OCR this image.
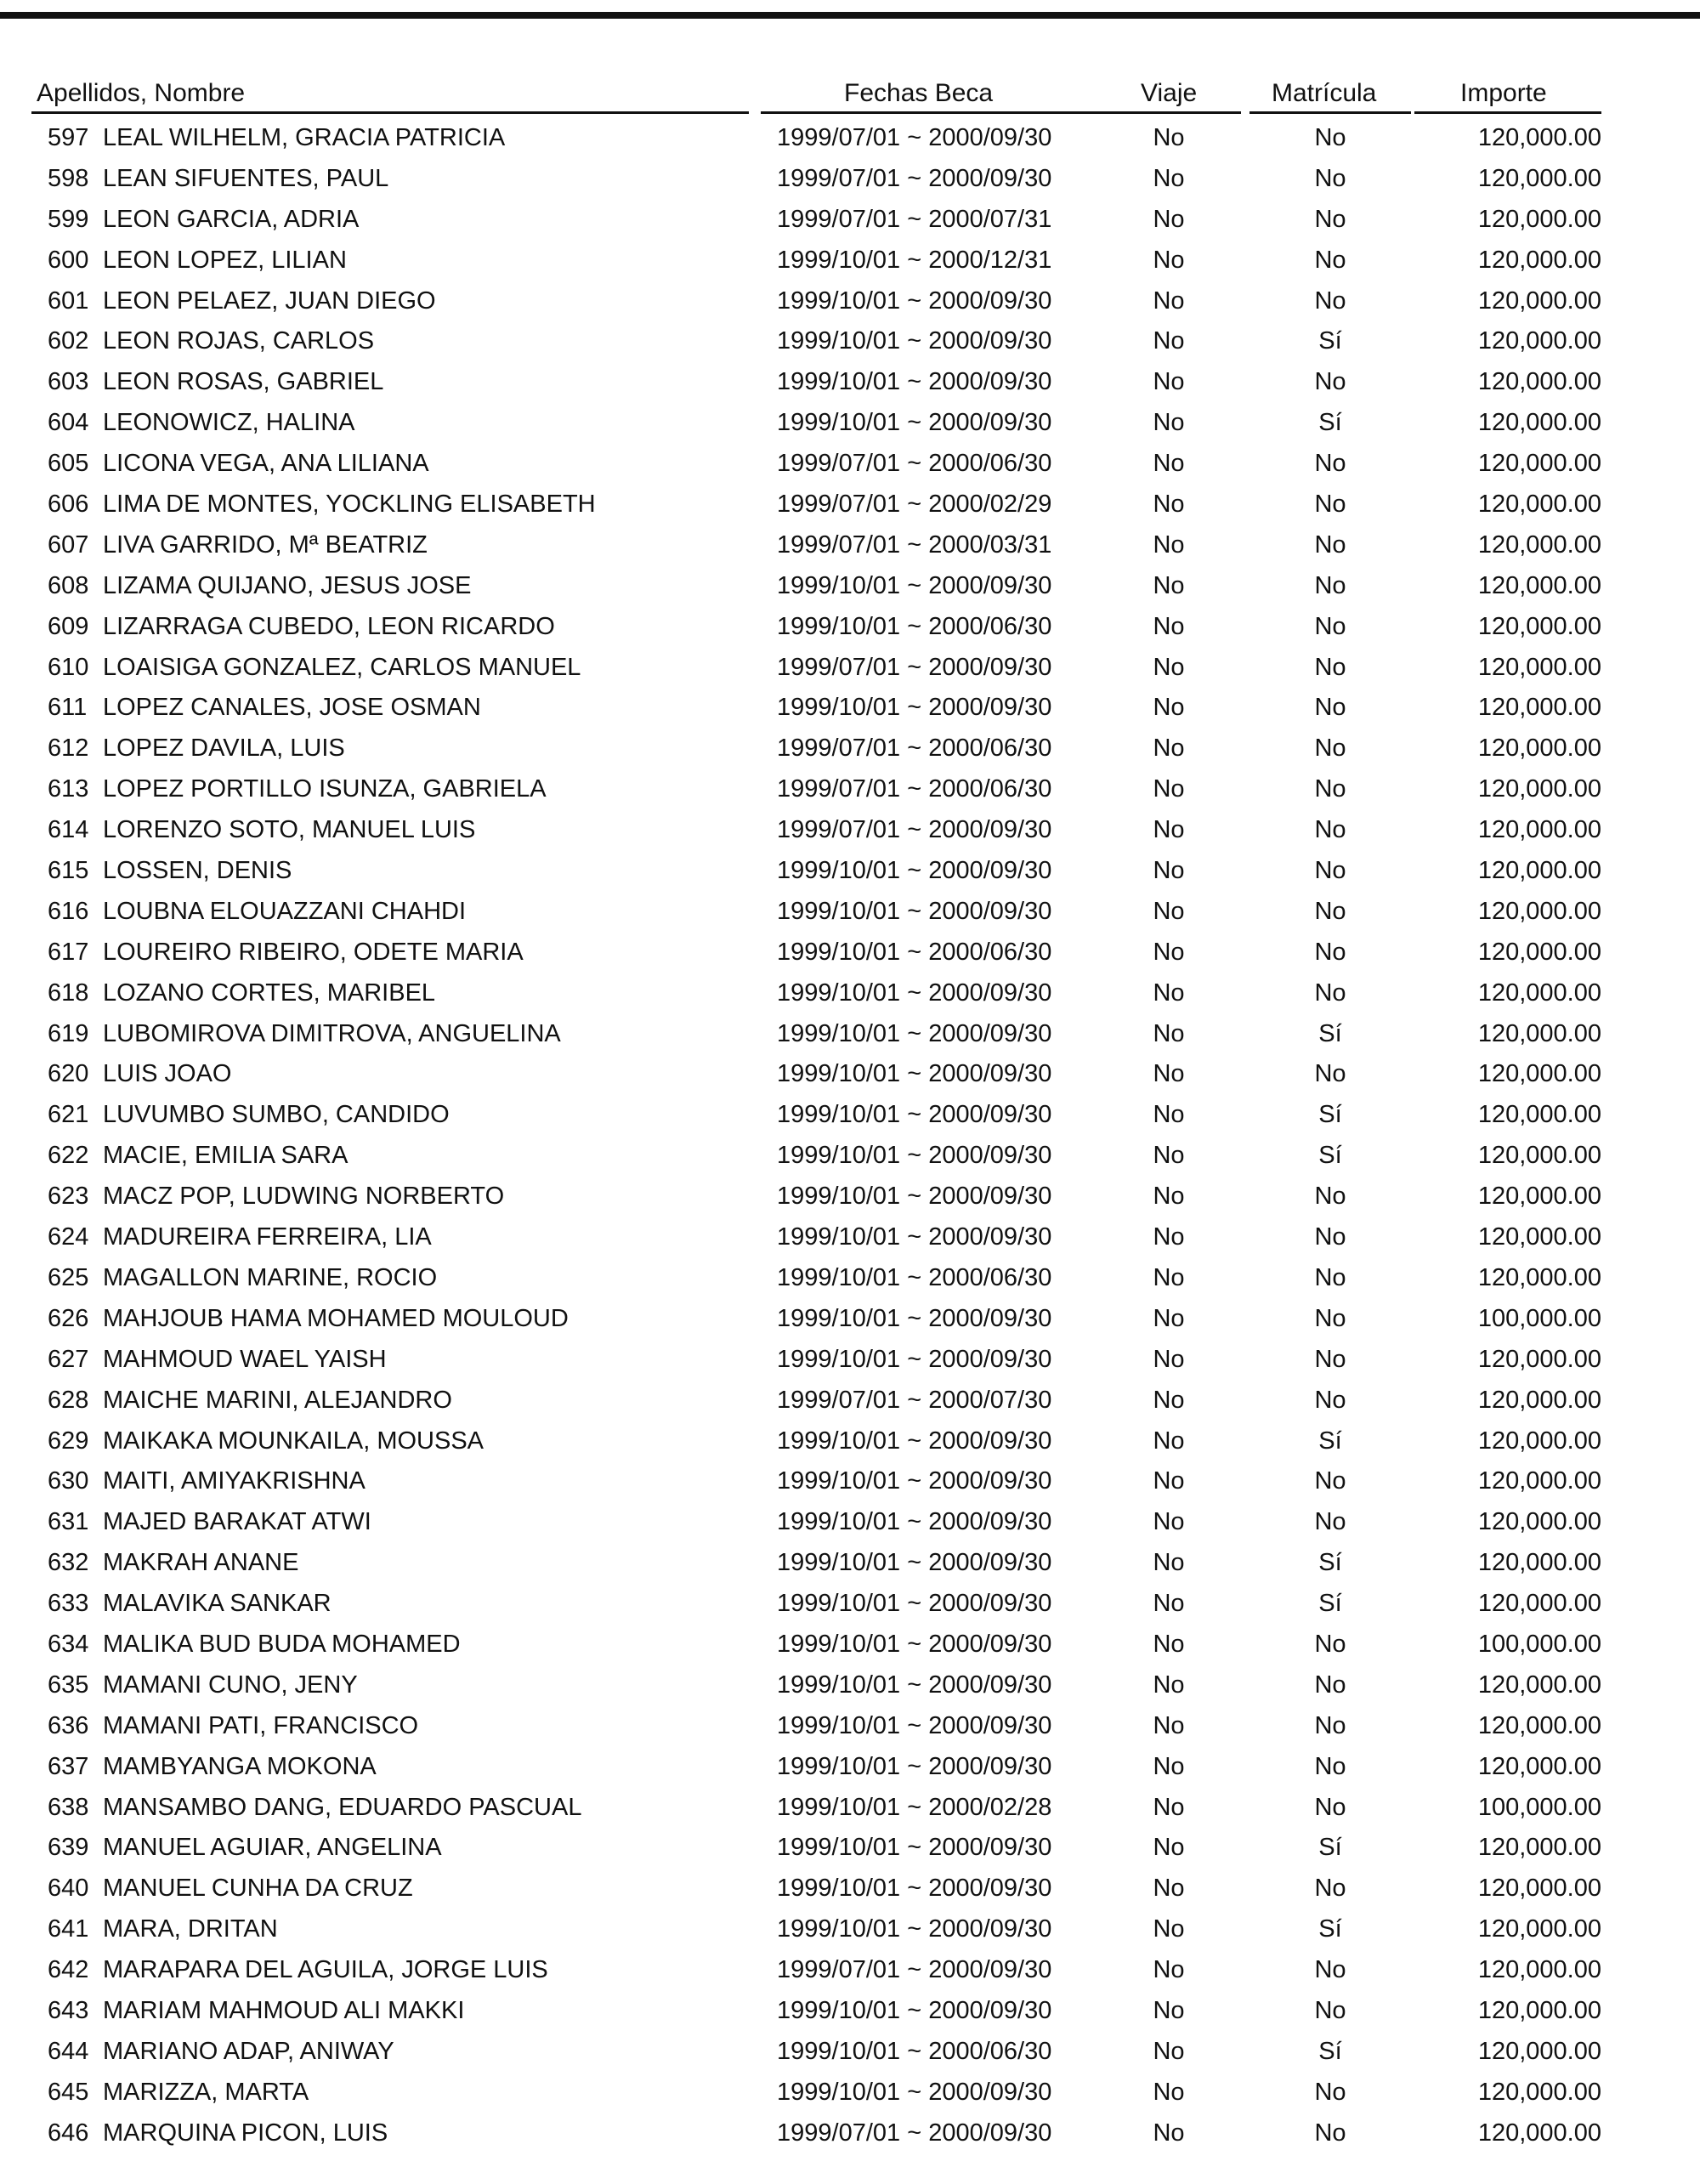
Apellidos, Nombre	Fechas Beca	Viaje	Matrícula	Importe
597 LEAL WILHELM, GRACIA PATRICIA	1999/07/01 ~ 2000/09/30	No	No	120,000.00
598 LEAN SIFUENTES, PAUL	1999/07/01 ~ 2000/09/30	No	No	120,000.00
599 LEON GARCIA, ADRIA	1999/07/01 ~ 2000/07/31	No	No	120,000.00
600 LEON LOPEZ, LILIAN	1999/10/01 ~ 2000/12/31	No	No	120,000.00
601 LEON PELAEZ, JUAN DIEGO	1999/10/01 ~ 2000/09/30	No	No	120,000.00
602 LEON ROJAS, CARLOS	1999/10/01 ~ 2000/09/30	No	Sí	120,000.00
603 LEON ROSAS, GABRIEL	1999/10/01 ~ 2000/09/30	No	No	120,000.00
604 LEONOWICZ, HALINA	1999/10/01 ~ 2000/09/30	No	Sí	120,000.00
605 LICONA VEGA, ANA LILIANA	1999/07/01 ~ 2000/06/30	No	No	120,000.00
606 LIMA DE MONTES, YOCKLING ELISABETH	1999/07/01 ~ 2000/02/29	No	No	120,000.00
607 LIVA GARRIDO, Mª BEATRIZ	1999/07/01 ~ 2000/03/31	No	No	120,000.00
608 LIZAMA QUIJANO, JESUS JOSE	1999/10/01 ~ 2000/09/30	No	No	120,000.00
609 LIZARRAGA CUBEDO, LEON RICARDO	1999/10/01 ~ 2000/06/30	No	No	120,000.00
610 LOAISIGA GONZALEZ, CARLOS MANUEL	1999/07/01 ~ 2000/09/30	No	No	120,000.00
611 LOPEZ CANALES, JOSE OSMAN	1999/10/01 ~ 2000/09/30	No	No	120,000.00
612 LOPEZ DAVILA, LUIS	1999/07/01 ~ 2000/06/30	No	No	120,000.00
613 LOPEZ PORTILLO ISUNZA, GABRIELA	1999/07/01 ~ 2000/06/30	No	No	120,000.00
614 LORENZO SOTO, MANUEL LUIS	1999/07/01 ~ 2000/09/30	No	No	120,000.00
615 LOSSEN, DENIS	1999/10/01 ~ 2000/09/30	No	No	120,000.00
616 LOUBNA ELOUAZZANI CHAHDI	1999/10/01 ~ 2000/09/30	No	No	120,000.00
617 LOUREIRO RIBEIRO, ODETE MARIA	1999/10/01 ~ 2000/06/30	No	No	120,000.00
618 LOZANO CORTES, MARIBEL	1999/10/01 ~ 2000/09/30	No	No	120,000.00
619 LUBOMIROVA DIMITROVA, ANGUELINA	1999/10/01 ~ 2000/09/30	No	Sí	120,000.00
620 LUIS JOAO	1999/10/01 ~ 2000/09/30	No	No	120,000.00
621 LUVUMBO SUMBO, CANDIDO	1999/10/01 ~ 2000/09/30	No	Sí	120,000.00
622 MACIE, EMILIA SARA	1999/10/01 ~ 2000/09/30	No	Sí	120,000.00
623 MACZ POP, LUDWING NORBERTO	1999/10/01 ~ 2000/09/30	No	No	120,000.00
624 MADUREIRA FERREIRA, LIA	1999/10/01 ~ 2000/09/30	No	No	120,000.00
625 MAGALLON MARINE, ROCIO	1999/10/01 ~ 2000/06/30	No	No	120,000.00
626 MAHJOUB HAMA MOHAMED MOULOUD	1999/10/01 ~ 2000/09/30	No	No	100,000.00
627 MAHMOUD WAEL YAISH	1999/10/01 ~ 2000/09/30	No	No	120,000.00
628 MAICHE MARINI, ALEJANDRO	1999/07/01 ~ 2000/07/30	No	No	120,000.00
629 MAIKAKA MOUNKAILA, MOUSSA	1999/10/01 ~ 2000/09/30	No	Sí	120,000.00
630 MAITI, AMIYAKRISHNA	1999/10/01 ~ 2000/09/30	No	No	120,000.00
631 MAJED BARAKAT ATWI	1999/10/01 ~ 2000/09/30	No	No	120,000.00
632 MAKRAH ANANE	1999/10/01 ~ 2000/09/30	No	Sí	120,000.00
633 MALAVIKA SANKAR	1999/10/01 ~ 2000/09/30	No	Sí	120,000.00
634 MALIKA BUD BUDA MOHAMED	1999/10/01 ~ 2000/09/30	No	No	100,000.00
635 MAMANI CUNO, JENY	1999/10/01 ~ 2000/09/30	No	No	120,000.00
636 MAMANI PATI, FRANCISCO	1999/10/01 ~ 2000/09/30	No	No	120,000.00
637 MAMBYANGA MOKONA	1999/10/01 ~ 2000/09/30	No	No	120,000.00
638 MANSAMBO DANG, EDUARDO PASCUAL	1999/10/01 ~ 2000/02/28	No	No	100,000.00
639 MANUEL AGUIAR, ANGELINA	1999/10/01 ~ 2000/09/30	No	Sí	120,000.00
640 MANUEL CUNHA DA CRUZ	1999/10/01 ~ 2000/09/30	No	No	120,000.00
641 MARA, DRITAN	1999/10/01 ~ 2000/09/30	No	Sí	120,000.00
642 MARAPARA DEL AGUILA, JORGE LUIS	1999/07/01 ~ 2000/09/30	No	No	120,000.00
643 MARIAM MAHMOUD ALI MAKKI	1999/10/01 ~ 2000/09/30	No	No	120,000.00
644 MARIANO ADAP, ANIWAY	1999/10/01 ~ 2000/06/30	No	Sí	120,000.00
645 MARIZZA, MARTA	1999/10/01 ~ 2000/09/30	No	No	120,000.00
646 MARQUINA PICON, LUIS	1999/07/01 ~ 2000/09/30	No	No	120,000.00
